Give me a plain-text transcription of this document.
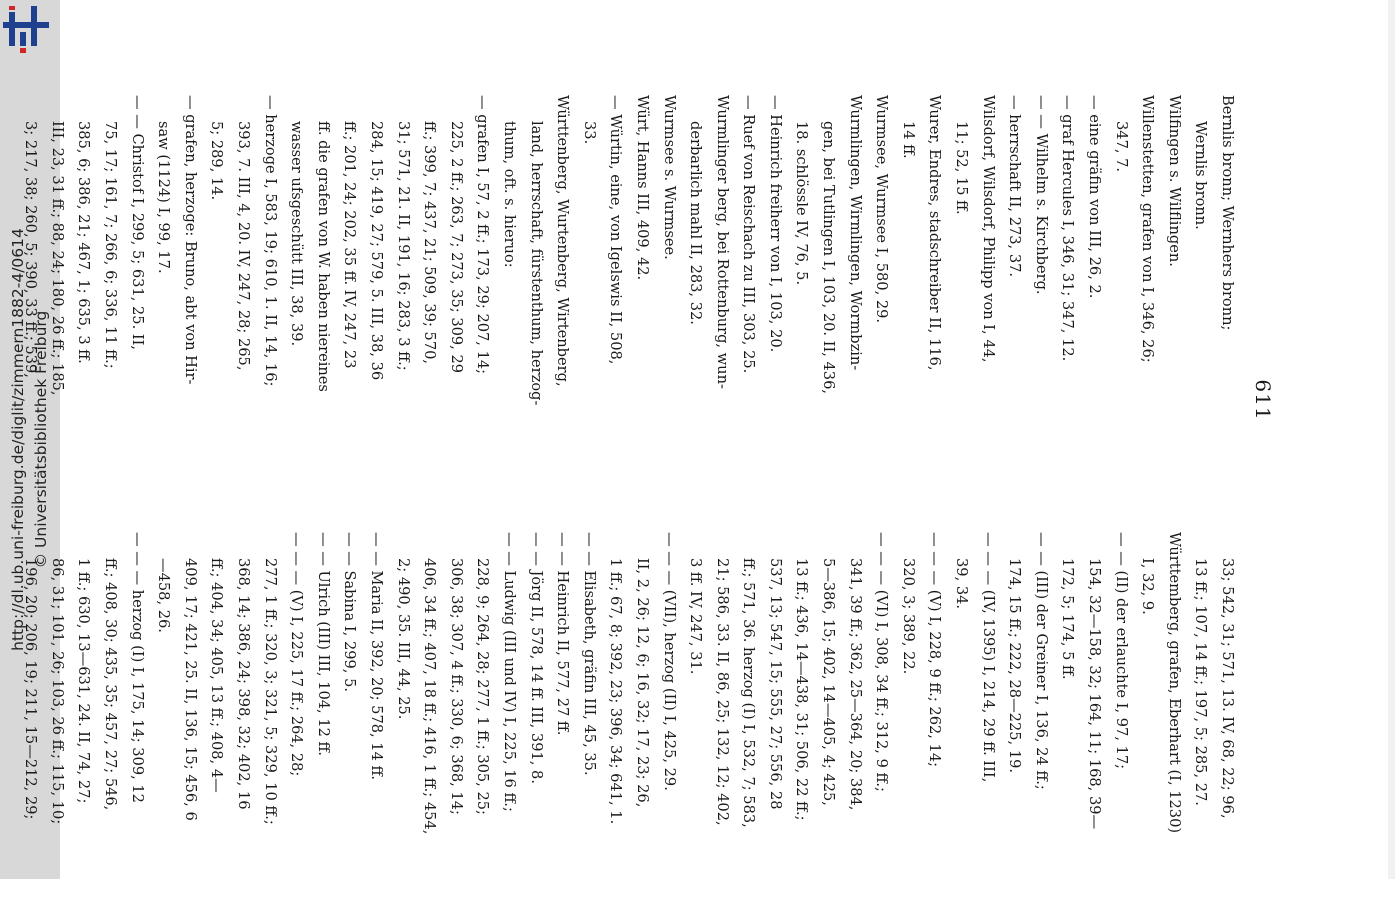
http://dl.ub.uni-freiburg.de/diglit/zimmern1882-4/0614 © Universitätsbibliothek Freiburg	611
Bernlis bronn; Wernhers bronn;
Wernlis bronn.
Wilfingen s. Wilflingen.
Willenstetten, grafen von I, 346, 26;
347, 7.
— eine gräfin von III, 26, 2.
— graf Hercules I, 346, 31; 347, 12.
— — Wilhelm s. Kirchberg.
— herrschaft II, 273, 37.
Wilsdorf, Wilsdorf, Philipp von I, 44,
11; 52, 15 ff.
Wurer, Endres, stadschreiber II, 116,
14 ff.
Wurmsee, Wurmsee I, 580, 29.
Wurmlingen, Wirmlingen, Wormbzin-
gen, bei Tutlingen I, 103, 20. II, 436,
18. schlössle IV, 76, 5.
— Heinrich freiherr von I, 103, 20.
— Ruef von Reischach zu III, 303, 25.
Wurmlinger berg, bei Rottenburg, wun-
derbarlich mahl II, 283, 32.
Wurmsee s. Wurmsee.
Würt, Hanns III, 409, 42.
— Würtin, eine, von Igelswis II, 508,
33.
Württenberg, Wurtenberg, Wirtenberg,
land, herrschaft, fürstenthum, herzog-
thum, oft. s. hieruo:
— grafen I, 57, 2 ff.; 173, 29; 207, 14;
225, 2 ff.; 263, 7; 273, 35; 309, 29
ff.; 399, 7; 437, 21; 509, 39; 570,
31; 571, 21. II, 191, 16; 283, 3 ff.;
284, 15; 419, 27; 579, 5. III, 38, 36
ff.; 201, 24; 202, 35 ff. IV, 247, 23
ff. die grafen von W. haben niereines
wasser ufsgeschütt III, 38, 39.
— herzoge I, 583, 19; 610, 1. II, 14, 16;
393, 7. III, 4, 20. IV, 247, 28; 265,
5; 289, 14.
— grafen, herzoge: Bruno, abt von Hir-
saw (1124) I, 99, 17.
— — Christof I, 299, 5; 631, 25. II,
75, 17; 161, 7; 266, 6; 336, 11 ff.;
385, 6; 386, 21; 467, 1; 635, 3 ff.
III, 23, 31 ff.; 88, 24; 180, 26 ff.; 185,
3; 217, 38; 260, 5; 390, 33 ff.; 539,
33; 542, 31; 571, 13. IV, 68, 22; 96,
13 ff.; 107, 14 ff.; 197, 5; 285, 27.
Württemberg, grafen, Eberhart (I, 1230)
I, 32, 9.
— — (II) der erlauchte I, 97, 17;
154, 32—158, 32; 164, 11; 168, 39—
172, 5; 174, 5 ff.
— — (III) der Greiner I, 136, 24 ff.;
174, 15 ff.; 222, 28—225, 19.
— — — (IV, 1395) I, 214, 29 ff. III,
39, 34.
— — — (V) I, 228, 9 ff.; 262, 14;
320, 3; 389, 22.
— — — (VI) I, 308, 34 ff.; 312, 9 ff.;
341, 39 ff.; 362, 25—364, 20; 384,
5—386, 15; 402, 14—405, 4; 425,
13 ff.; 436, 14—438, 31; 506, 22 ff.;
537, 13; 547, 15; 555, 27; 556, 28
ff.; 571, 36. herzog (I) I, 532, 7; 583,
21; 586, 33. II, 86, 25; 132, 12; 402,
3 ff. IV, 247, 31.
— — — (VII), herzog (II) I, 425, 29.
II, 2, 26; 12, 6; 16, 32; 17, 23; 26,
1 ff.; 67, 8; 392, 23; 396, 34; 641, 1.
— — Elisabeth, gräfin III, 45, 35.
— — Heinrich II, 577, 27 ff.
— — Jörg II, 578, 14 ff. III, 391, 8.
— — Ludwig (III und IV) I, 225, 16 ff.;
228, 9; 264, 28; 277, 1 ff.; 305, 25;
306, 38; 307, 4 ff.; 330, 6; 368, 14;
406, 34 ff.; 407, 18 ff.; 416, 1 ff.; 454,
2; 490, 35. III, 44, 25.
— — Maria II, 392, 20; 578, 14 ff.
— — Sabina I, 299, 5.
— — Ulrich (III) III, 104, 12 ff.
— — — (V) I, 225, 17 ff.; 264, 28;
277, 1 ff.; 320, 3; 321, 5; 329, 10 ff.;
368, 14; 386, 24; 398, 32; 402, 16
ff.; 404, 34; 405, 13 ff.; 408, 4—
409, 17; 421, 25. II, 136, 15; 456, 6
—458, 26.
— — — herzog (I) I, 175, 14; 309, 12
ff.; 408, 30; 435, 35; 457, 27; 546,
1 ff.; 630, 13—631, 24. II, 74, 27;
86, 31; 101, 26; 103, 26 ff.; 115, 10;
196, 20; 206, 19; 211, 15—212, 29;
